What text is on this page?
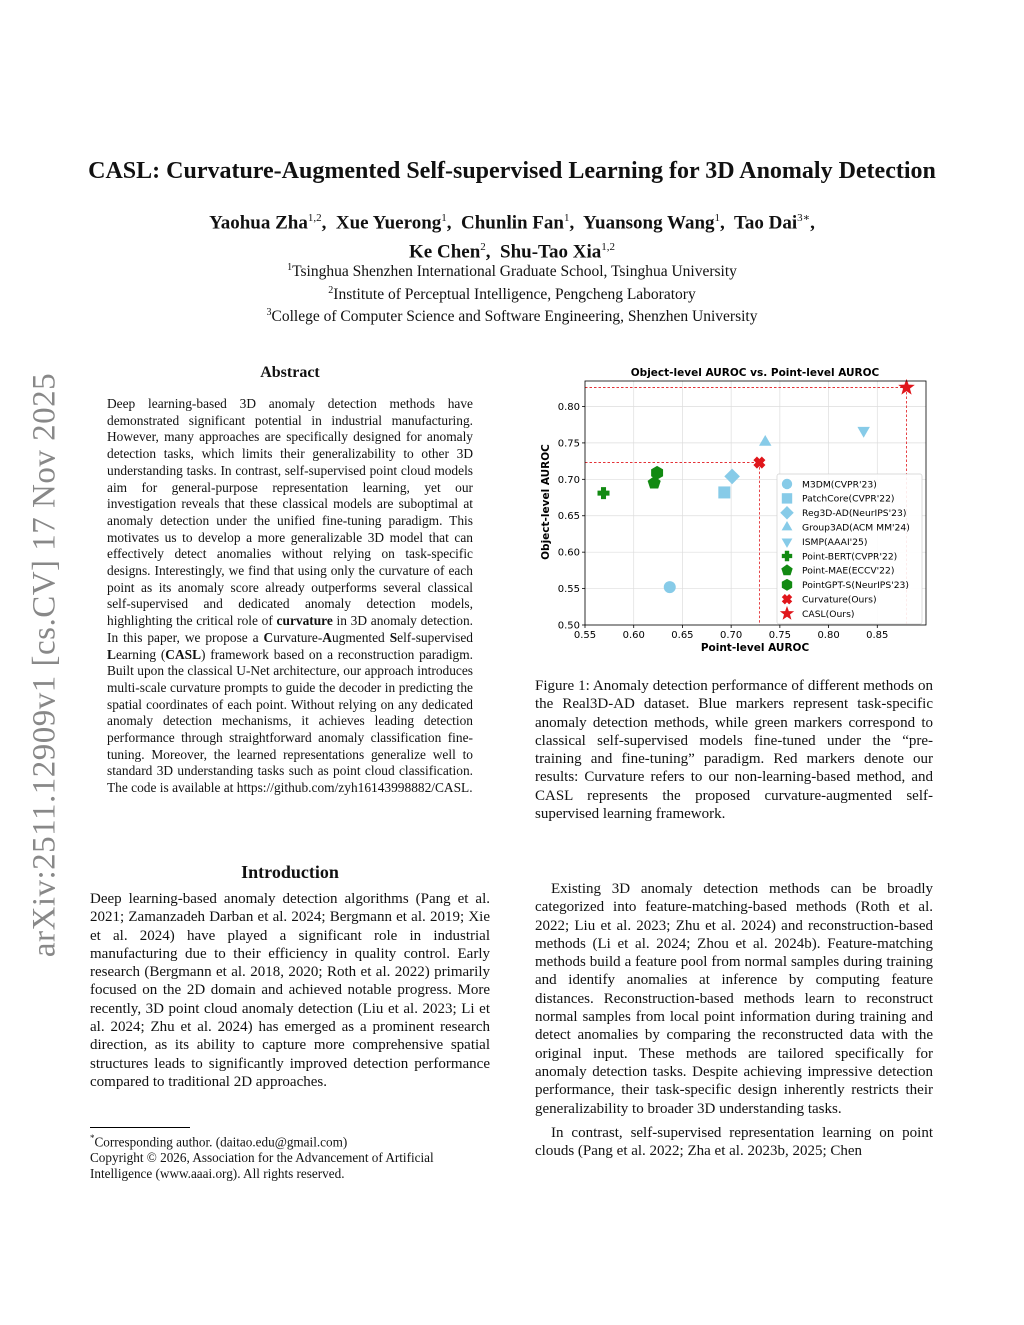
arXiv:2511.12909v1 [cs.CV] 17 Nov 2025
CASL: Curvature-Augmented Self-supervised Learning for 3D Anomaly Detection
Yaohua Zha$^{1,2}$,  Xue Yuerong$^1$,  Chunlin Fan$^1$,  Yuansong Wang$^1$,  Tao Dai$^{3∗}$,
Ke Chen$^2$,  Shu-Tao Xia$^{1,2}$
$^1$Tsinghua Shenzhen International Graduate School, Tsinghua University
$^2$Institute of Perceptual Intelligence, Pengcheng Laboratory
$^3$College of Computer Science and Software Engineering, Shenzhen University
Abstract
Deep learning-based 3D anomaly detection methods have demonstrated significant potential in industrial manufacturing. However, many approaches are specifically designed for anomaly detection tasks, which limits their generalizability to other 3D understanding tasks. In contrast, self-supervised point cloud models aim for general-purpose representation learning, yet our investigation reveals that these classical models are suboptimal at anomaly detection under the unified fine-tuning paradigm. This motivates us to develop a more generalizable 3D model that can effectively detect anomalies without relying on task-specific designs. Interestingly, we find that using only the curvature of each point as its anomaly score already outperforms several classical self-supervised and dedicated anomaly detection models, highlighting the critical role of curvature in 3D anomaly detection. In this paper, we propose a Curvature-Augmented Self-supervised Learning (CASL) framework based on a reconstruction paradigm. Built upon the classical U-Net architecture, our approach introduces multi-scale curvature prompts to guide the decoder in predicting the spatial coordinates of each point. Without relying on any dedicated anomaly detection mechanisms, it achieves leading detection performance through straightforward anomaly classification fine-tuning. Moreover, the learned representations generalize well to standard 3D understanding tasks such as point cloud classification. The code is available at https://github.com/zyh16143998882/CASL.
Introduction
Deep learning-based anomaly detection algorithms (Pang et al. 2021; Zamanzadeh Darban et al. 2024; Bergmann et al. 2019; Xie et al. 2024) have played a significant role in industrial manufacturing due to their efficiency in quality control. Early research (Bergmann et al. 2018, 2020; Roth et al. 2022) primarily focused on the 2D domain and achieved notable progress. More recently, 3D point cloud anomaly detection (Liu et al. 2023; Li et al. 2024; Zhu et al. 2024) has emerged as a prominent research direction, as its ability to capture more comprehensive spatial structures leads to significantly improved detection performance compared to traditional 2D approaches.

*Corresponding author. (daitao.edu@gmail.com)

Copyright © 2026, Association for the Advancement of Artificial Intelligence (www.aaai.org). All rights reserved.

Object-level AUROC vs. Point-level AUROC
0.55	0.60	0.65	0.70	0.75	0.80	0.85
0.50
0.55
0.60
0.65
0.70
0.75
0.80
Point-level AUROC
Object-level AUROC	M3DM(CVPR'23)
PatchCore(CVPR'22)
Reg3D-AD(NeurIPS'23)
Group3AD(ACM MM'24)
ISMP(AAAI'25)
Point-BERT(CVPR'22)
Point-MAE(ECCV'22)
PointGPT-S(NeurIPS'23)
Curvature(Ours)
CASL(Ours)
Figure 1: Anomaly detection performance of different methods on the Real3D-AD dataset. Blue markers represent task-specific anomaly detection methods, while green markers correspond to classical self-supervised models fine-tuned under the “pre-training and fine-tuning” paradigm. Red markers denote our results: Curvature refers to our non-learning-based method, and CASL represents the proposed curvature-augmented self-supervised learning framework.

Existing 3D anomaly detection methods can be broadly categorized into feature-matching-based methods (Roth et al. 2022; Liu et al. 2023; Zhu et al. 2024) and reconstruction-based methods (Li et al. 2024; Zhou et al. 2024b). Feature-matching methods build a feature pool from normal samples during training and identify anomalies at inference by computing feature distances. Reconstruction-based methods learn to reconstruct normal samples from local point information during training and detect anomalies by comparing the reconstructed data with the original input. These methods are tailored specifically for anomaly detection tasks. Despite achieving impressive detection performance, their task-specific design inherently restricts their generalizability to broader 3D understanding tasks.

In contrast, self-supervised representation learning on point clouds (Pang et al. 2022; Zha et al. 2023b, 2025; Chen
